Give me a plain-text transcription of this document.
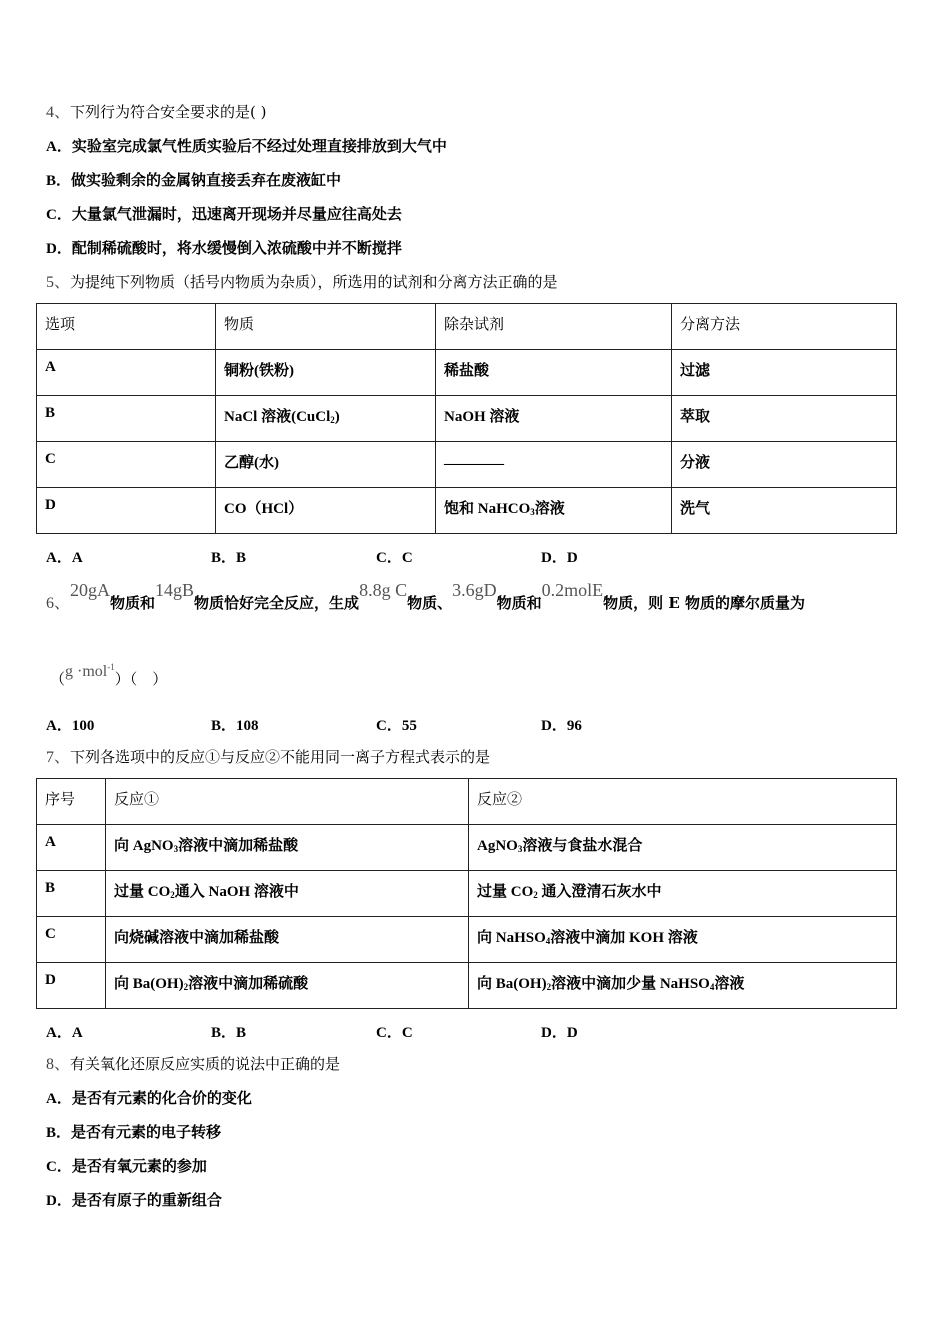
4、下列行为符合安全要求的是( )
A．实验室完成氯气性质实验后不经过处理直接排放到大气中
B．做实验剩余的金属钠直接丢弃在废液缸中
C．大量氯气泄漏时，迅速离开现场并尽量应往高处去
D．配制稀硫酸时，将水缓慢倒入浓硫酸中并不断搅拌
5、为提纯下列物质（括号内物质为杂质），所选用的试剂和分离方法正确的是
选项	物质	除杂试剂	分离方法
A	铜粉(铁粉)	稀盐酸	过滤
B	NaCl 溶液(CuCl$_2$)	NaOH 溶液	萃取
C	乙醇(水)	________	分液
D	CO（HCl）	饱和 NaHCO$_3$溶液	洗气
A．A	B．B	C．C	D．D
6、20gA物质和14gB物质恰好完全反应，生成8.8g C物质、3.6gD物质和0.2molE物质，则 E 物质的摩尔质量为
（g ·mol$^{-1}$）（　）
A．100	B．108	C．55	D．96
7、下列各选项中的反应①与反应②不能用同一离子方程式表示的是
序号	反应①	反应②
A	向 AgNO$_3$溶液中滴加稀盐酸	AgNO$_3$溶液与食盐水混合
B	过量 $CO_2$通入 NaOH 溶液中	过量 $CO_2$ 通入澄清石灰水中
C	向烧碱溶液中滴加稀盐酸	向 NaHSO$_4$溶液中滴加 KOH 溶液
D	向 $Ba(OH)_2$溶液中滴加稀硫酸	向 $Ba(OH)_2$溶液中滴加少量 NaHSO$_4$溶液
A．A	B．B	C．C	D．D
8、有关氧化还原反应实质的说法中正确的是
A．是否有元素的化合价的变化
B．是否有元素的电子转移
C．是否有氧元素的参加
D．是否有原子的重新组合
